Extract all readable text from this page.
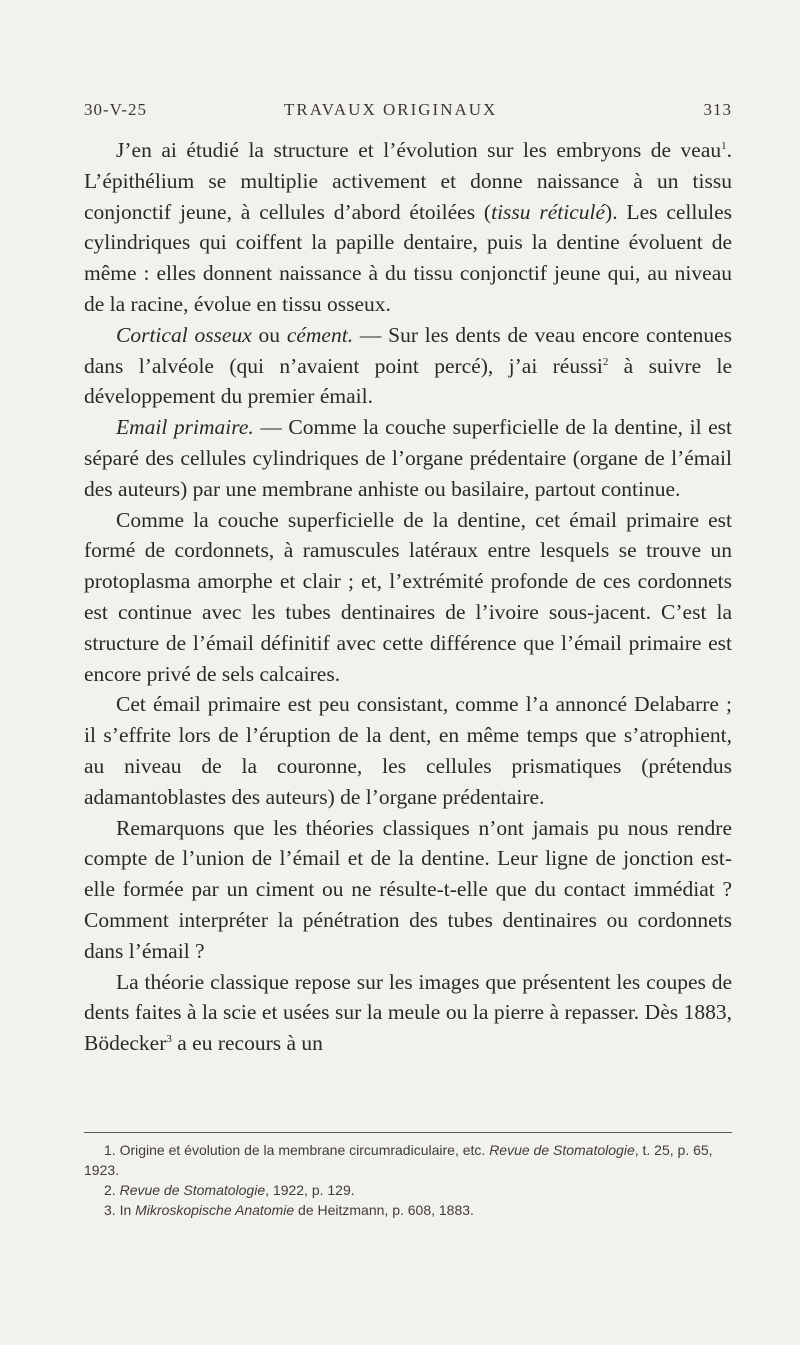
30-V-25	TRAVAUX ORIGINAUX	313

J’en ai étudié la structure et l’évolution sur les embryons de veau$^1$. L’épithélium se multiplie activement et donne naissance à un tissu conjonctif jeune, à cellules d’abord étoilées (tissu réticulé). Les cellules cylindriques qui coiffent la papille dentaire, puis la dentine évoluent de même : elles donnent naissance à du tissu conjonctif jeune qui, au niveau de la racine, évolue en tissu osseux.

Cortical osseux ou cément. — Sur les dents de veau encore contenues dans l’alvéole (qui n’avaient point percé), j’ai réussi$^2$ à suivre le développement du premier émail.

Email primaire. — Comme la couche superficielle de la dentine, il est séparé des cellules cylindriques de l’organe prédentaire (organe de l’émail des auteurs) par une membrane anhiste ou basilaire, partout continue.

Comme la couche superficielle de la dentine, cet émail primaire est formé de cordonnets, à ramuscules latéraux entre lesquels se trouve un protoplasma amorphe et clair ; et, l’extrémité profonde de ces cordonnets est continue avec les tubes dentinaires de l’ivoire sous-jacent. C’est la structure de l’émail définitif avec cette différence que l’émail primaire est encore privé de sels calcaires.

Cet émail primaire est peu consistant, comme l’a annoncé Delabarre ; il s’effrite lors de l’éruption de la dent, en même temps que s’atrophient, au niveau de la couronne, les cellules prismatiques (prétendus adamantoblastes des auteurs) de l’organe prédentaire.

Remarquons que les théories classiques n’ont jamais pu nous rendre compte de l’union de l’émail et de la dentine. Leur ligne de jonction est-elle formée par un ciment ou ne résulte-t-elle que du contact immédiat ? Comment interpréter la pénétration des tubes dentinaires ou cordonnets dans l’émail ?

La théorie classique repose sur les images que présentent les coupes de dents faites à la scie et usées sur la meule ou la pierre à repasser. Dès 1883, Bödecker$^3$ a eu recours à un

1. Origine et évolution de la membrane circumradiculaire, etc. Revue de Stomatologie, t. 25, p. 65, 1923.

2. Revue de Stomatologie, 1922, p. 129.

3. In Mikroskopische Anatomie de Heitzmann, p. 608, 1883.
